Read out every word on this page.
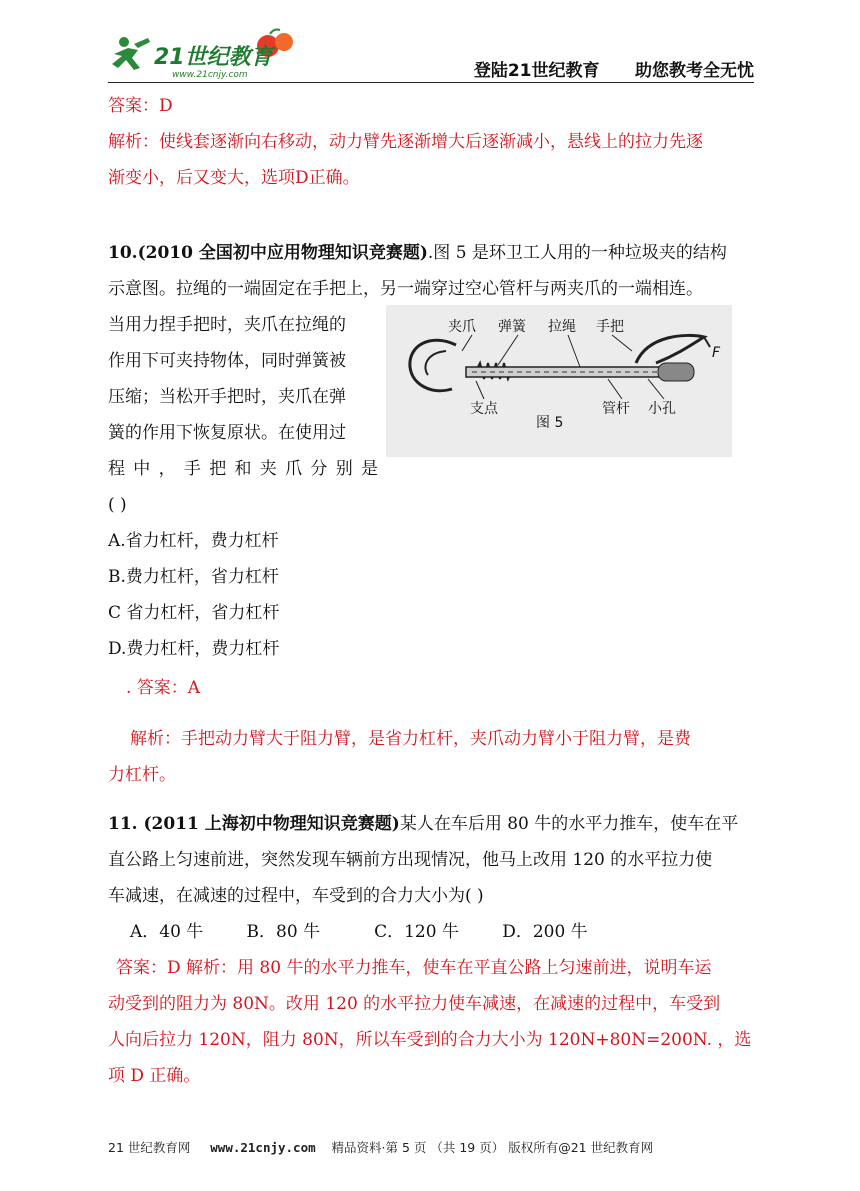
21世纪教育
www.21cnjy.com	登陆21世纪教育      助您教考全无忧
答案：D
解析：使线套逐渐向右移动，动力臂先逐渐增大后逐渐减小，悬线上的拉力先逐
渐变小，后又变大，选项D正确。
10.(2010 全国初中应用物理知识竞赛题).图 5 是环卫工人用的一种垃圾夹的结构
示意图。拉绳的一端固定在手把上，另一端穿过空心管杆与两夹爪的一端相连。
当用力捏手把时，夹爪在拉绳的
作用下可夹持物体，同时弹簧被
压缩；当松开手把时，夹爪在弹
簧的作用下恢复原状。在使用过
程中，手把和夹爪分别是
( )
夹爪 弹簧 拉绳 手把
支点	管杆 小孔
F
图 5
A.省力杠杆，费力杠杆
B.费力杠杆，省力杠杆
C 省力杠杆，省力杠杆
D.费力杠杆，费力杠杆
. 答案：A
解析：手把动力臂大于阻力臂，是省力杠杆，夹爪动力臂小于阻力臂，是费
力杠杆。
11. (2011 上海初中物理知识竞赛题)某人在车后用 80 牛的水平力推车，使车在平
直公路上匀速前进，突然发现车辆前方出现情况，他马上改用 120 的水平拉力使
车减速，在减速的过程中，车受到的合力大小为( )
A．40 牛        B．80 牛          C．120 牛        D．200 牛
答案：D 解析：用 80 牛的水平力推车，使车在平直公路上匀速前进，说明车运
动受到的阻力为 80N。改用 120 的水平拉力使车减速，在减速的过程中，车受到
人向后拉力 120N，阻力 80N，所以车受到的合力大小为 120N+80N=200N. ，选
项 D 正确。
21 世纪教育网 www.21cnjy.com 精品资料·第 5 页 （共 19 页） 版权所有@21 世纪教育网
